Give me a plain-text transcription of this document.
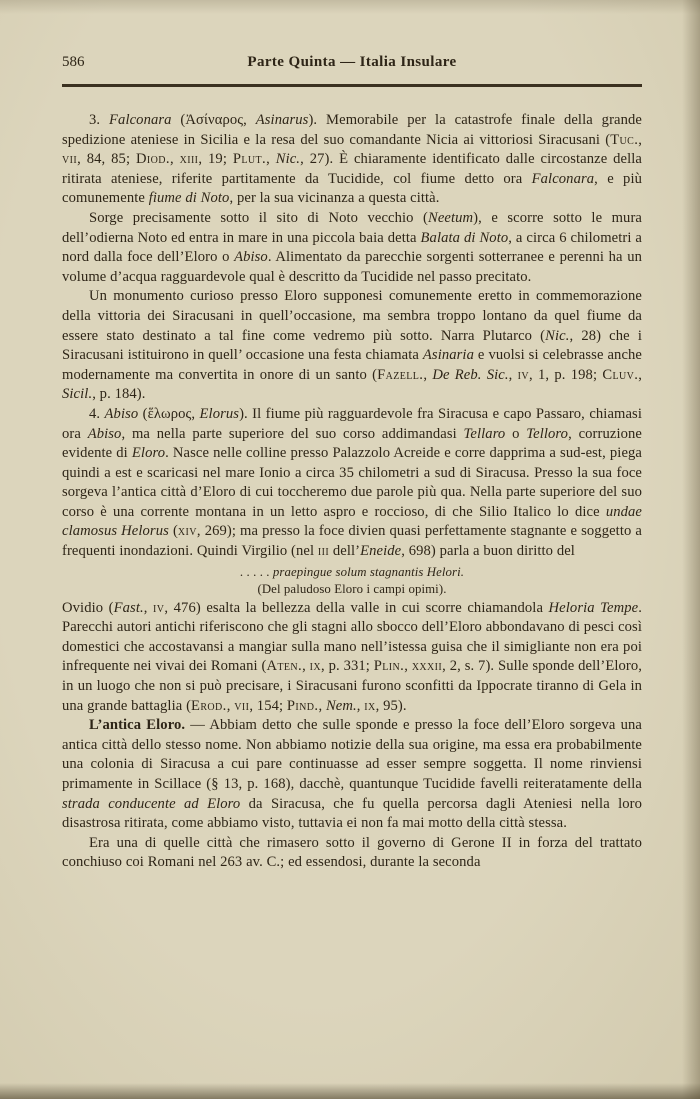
586	Parte Quinta — Italia Insulare

3. Falconara (Ἀσίναρος, Asinarus). Memorabile per la catastrofe finale della grande spedizione ateniese in Sicilia e la resa del suo comandante Nicia ai vittoriosi Siracusani (Tuc., vii, 84, 85; Diod., xiii, 19; Plut., Nic., 27). È chiaramente identificato dalle circostanze della ritirata ateniese, riferite partitamente da Tucidide, col fiume detto ora Falconara, e più comunemente fiume di Noto, per la sua vicinanza a questa città.

Sorge precisamente sotto il sito di Noto vecchio (Neetum), e scorre sotto le mura dell’odierna Noto ed entra in mare in una piccola baia detta Balata di Noto, a circa 6 chilometri a nord dalla foce dell’Eloro o Abiso. Alimentato da parecchie sorgenti sotterranee e perenni ha un volume d’acqua ragguardevole qual è descritto da Tucidide nel passo precitato.

Un monumento curioso presso Eloro supponesi comunemente eretto in commemorazione della vittoria dei Siracusani in quell’occasione, ma sembra troppo lontano da quel fiume da essere stato destinato a tal fine come vedremo più sotto. Narra Plutarco (Nic., 28) che i Siracusani istituirono in quell’ occasione una festa chiamata Asinaria e vuolsi si celebrasse anche modernamente ma convertita in onore di un santo (Fazell., De Reb. Sic., iv, 1, p. 198; Cluv., Sicil., p. 184).

4. Abiso (ἕλωρος, Elorus). Il fiume più ragguardevole fra Siracusa e capo Passaro, chiamasi ora Abiso, ma nella parte superiore del suo corso addimandasi Tellaro o Telloro, corruzione evidente di Eloro. Nasce nelle colline presso Palazzolo Acreide e corre dapprima a sud-est, piega quindi a est e scaricasi nel mare Ionio a circa 35 chilometri a sud di Siracusa. Presso la sua foce sorgeva l’antica città d’Eloro di cui toccheremo due parole più qua. Nella parte superiore del suo corso è una corrente montana in un letto aspro e roccioso, di che Silio Italico lo dice undae clamosus Helorus (xiv, 269); ma presso la foce divien quasi perfettamente stagnante e soggetto a frequenti inondazioni. Quindi Virgilio (nel iii dell’Eneide, 698) parla a buon diritto del

. . . . . praepingue solum stagnantis Helori.

(Del paludoso Eloro i campi opimi).

Ovidio (Fast., iv, 476) esalta la bellezza della valle in cui scorre chiamandola Heloria Tempe. Parecchi autori antichi riferiscono che gli stagni allo sbocco dell’Eloro abbondavano di pesci così domestici che accostavansi a mangiar sulla mano nell’istessa guisa che il simigliante non era poi infrequente nei vivai dei Romani (Aten., ix, p. 331; Plin., xxxii, 2, s. 7). Sulle sponde dell’Eloro, in un luogo che non si può precisare, i Siracusani furono sconfitti da Ippocrate tiranno di Gela in una grande battaglia (Erod., vii, 154; Pind., Nem., ix, 95).

L’antica Eloro. — Abbiam detto che sulle sponde e presso la foce dell’Eloro sorgeva una antica città dello stesso nome. Non abbiamo notizie della sua origine, ma essa era probabilmente una colonia di Siracusa a cui pare continuasse ad esser sempre soggetta. Il nome rinviensi primamente in Scillace (§ 13, p. 168), dacchè, quantunque Tucidide favelli reiteratamente della strada conducente ad Eloro da Siracusa, che fu quella percorsa dagli Ateniesi nella loro disastrosa ritirata, come abbiamo visto, tuttavia ei non fa mai motto della città stessa.

Era una di quelle città che rimasero sotto il governo di Gerone II in forza del trattato conchiuso coi Romani nel 263 av. C.; ed essendosi, durante la seconda
